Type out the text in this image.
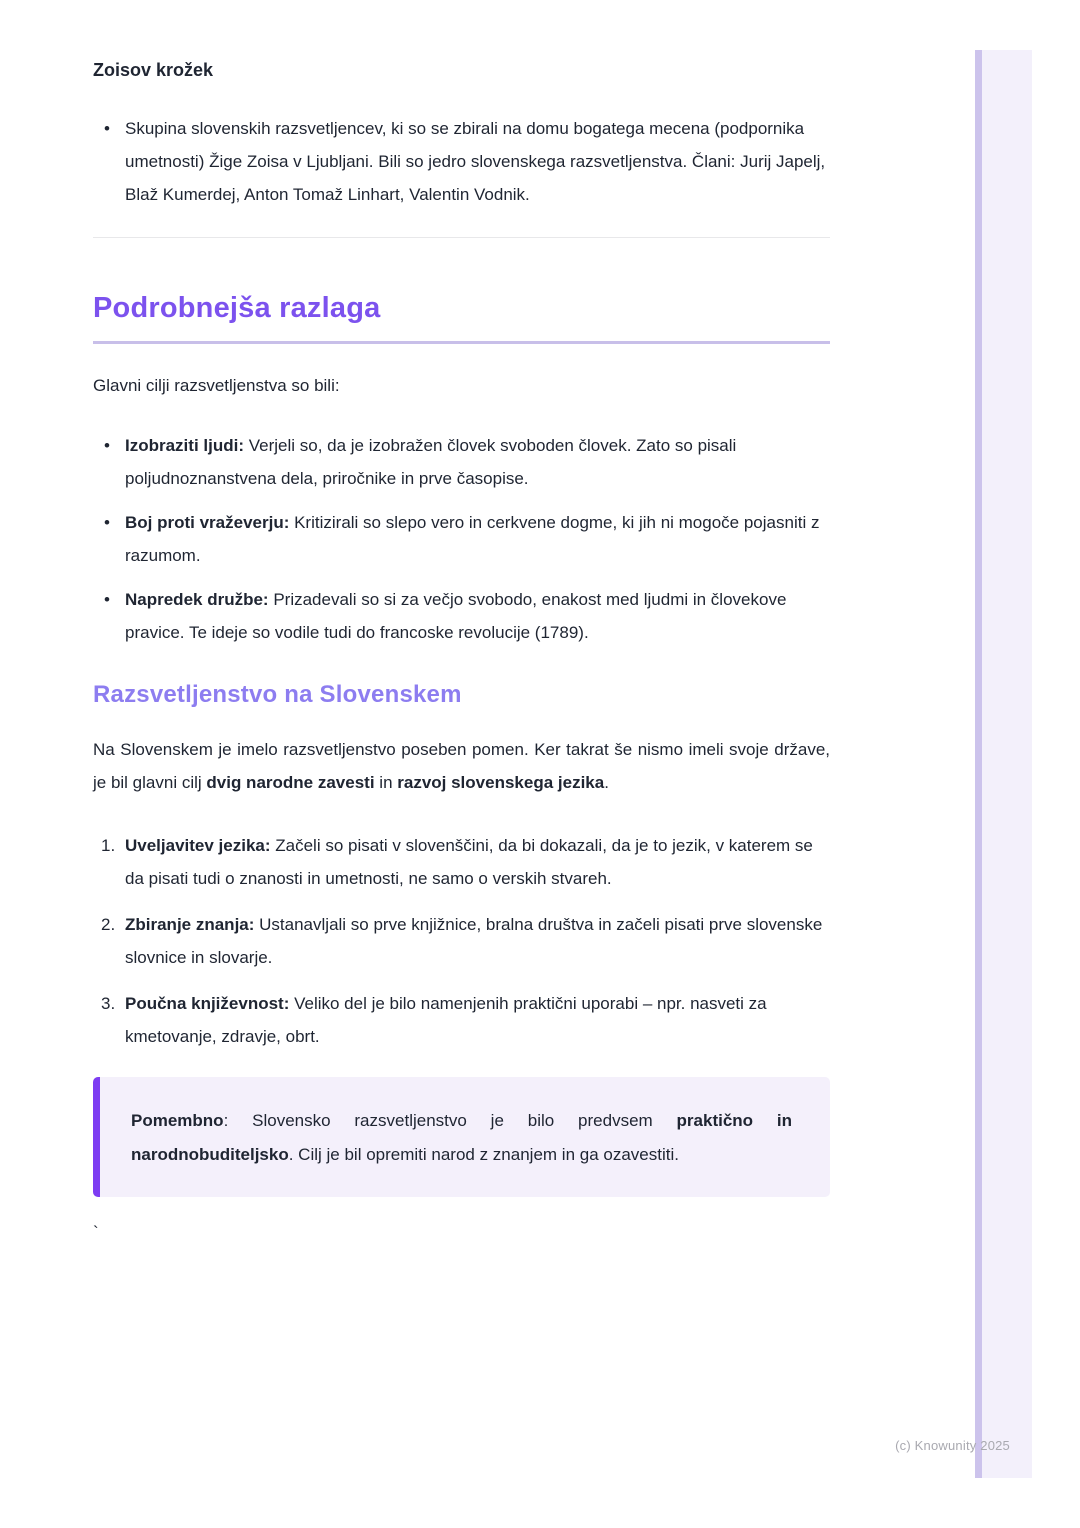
Zoisov krožek
• Skupina slovenskih razsvetljencev, ki so se zbirali na domu bogatega mecena (podpornika umetnosti) Žige Zoisa v Ljubljani. Bili so jedro slovenskega razsvetljenstva. Člani: Jurij Japelj, Blaž Kumerdej, Anton Tomaž Linhart, Valentin Vodnik.
Podrobnejša razlaga

Glavni cilji razsvetljenstva so bili:

• Izobraziti ljudi: Verjeli so, da je izobražen človek svoboden človek. Zato so pisali poljudnoznanstvena dela, priročnike in prve časopise.
• Boj proti vraževerju: Kritizirali so slepo vero in cerkvene dogme, ki jih ni mogoče pojasniti z razumom.
• Napredek družbe: Prizadevali so si za večjo svobodo, enakost med ljudmi in človekove pravice. Te ideje so vodile tudi do francoske revolucije (1789).
Razsvetljenstvo na Slovenskem

Na Slovenskem je imelo razsvetljenstvo poseben pomen. Ker takrat še nismo imeli svoje države, je bil glavni cilj dvig narodne zavesti in razvoj slovenskega jezika.

1. Uveljavitev jezika: Začeli so pisati v slovenščini, da bi dokazali, da je to jezik, v katerem se da pisati tudi o znanosti in umetnosti, ne samo o verskih stvareh.
2. Zbiranje znanja: Ustanavljali so prve knjižnice, bralna društva in začeli pisati prve slovenske slovnice in slovarje.
3. Poučna književnost: Veliko del je bilo namenjenih praktični uporabi – npr. nasveti za kmetovanje, zdravje, obrt.
Pomembno: Slovensko razsvetljenstvo je bilo predvsem praktično in narodnobuditeljsko. Cilj je bil opremiti narod z znanjem in ga ozavestiti.
`
(c) Knowunity 2025
